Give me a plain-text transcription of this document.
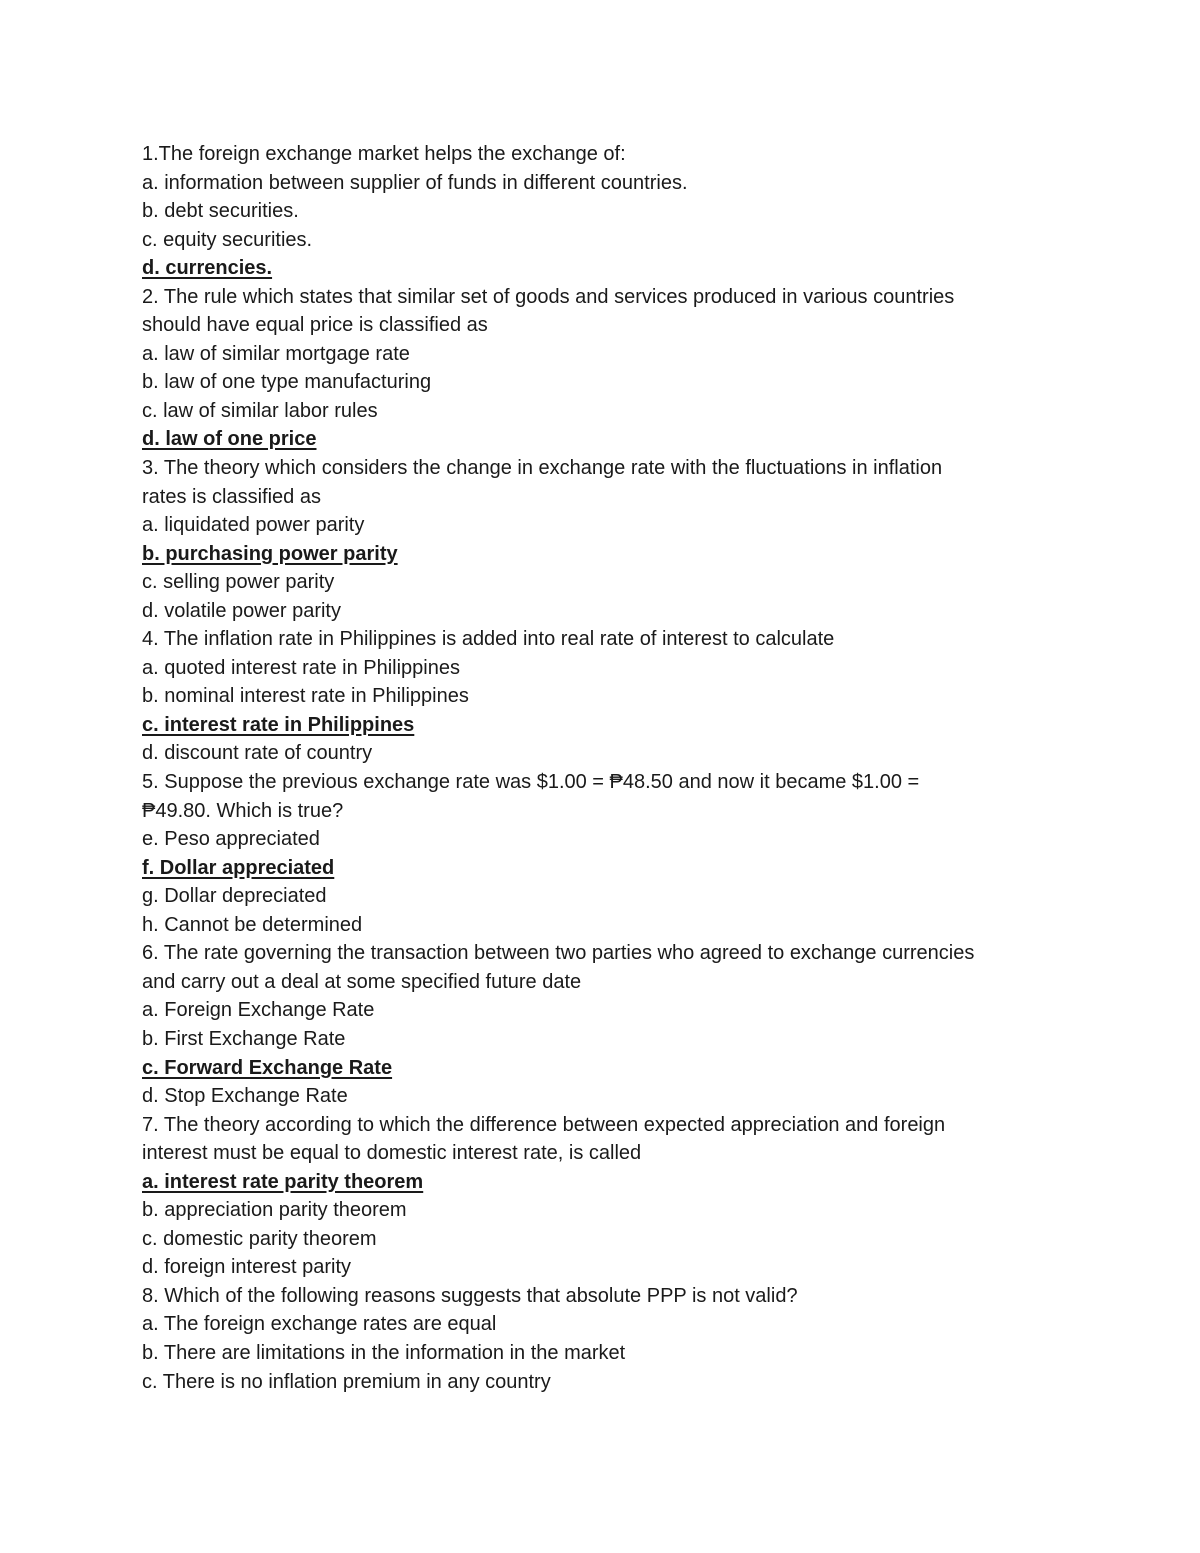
1.The foreign exchange market helps the exchange of:

a. information between supplier of funds in different countries.

b. debt securities.

c. equity securities.

d. currencies.

2. The rule which states that similar set of goods and services produced in various countries should have equal price is classified as

a. law of similar mortgage rate

b. law of one type manufacturing

c. law of similar labor rules

d. law of one price

3. The theory which considers the change in exchange rate with the fluctuations in inflation rates is classified as

a. liquidated power parity

b. purchasing power parity

c. selling power parity

d. volatile power parity

4. The inflation rate in Philippines is added into real rate of interest to calculate

a. quoted interest rate in Philippines

b. nominal interest rate in Philippines

c. interest rate in Philippines

d. discount rate of country

5. Suppose the previous exchange rate was $1.00 = ₱48.50 and now it became $1.00 = ₱49.80. Which is true?

e. Peso appreciated

f. Dollar appreciated

g. Dollar depreciated

h. Cannot be determined

6. The rate governing the transaction between two parties who agreed to exchange currencies and carry out a deal at some specified future date

a. Foreign Exchange Rate

b. First Exchange Rate

c. Forward Exchange Rate

d. Stop Exchange Rate

7. The theory according to which the difference between expected appreciation and foreign interest must be equal to domestic interest rate, is called

a. interest rate parity theorem

b. appreciation parity theorem

c. domestic parity theorem

d. foreign interest parity

8. Which of the following reasons suggests that absolute PPP is not valid?

a. The foreign exchange rates are equal

b. There are limitations in the information in the market

c. There is no inflation premium in any country
